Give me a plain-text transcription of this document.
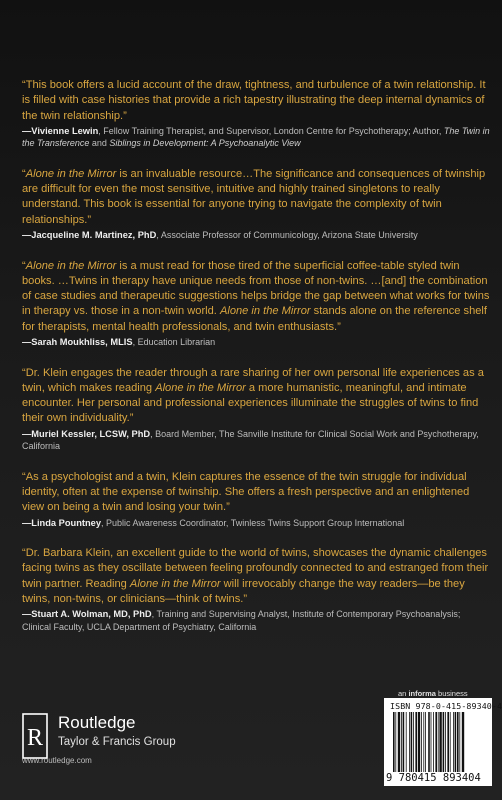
“This book offers a lucid account of the draw, tightness, and turbulence of a twin relationship. It is filled with case histories that provide a rich tapestry illustrating the deep internal dynamics of the twin relationship.”

—Vivienne Lewin, Fellow Training Therapist, and Supervisor, London Centre for Psychotherapy; Author, The Twin in the Transference and Siblings in Development: A Psychoanalytic View

“Alone in the Mirror is an invaluable resource…The significance and consequences of twinship are difficult for even the most sensitive, intuitive and highly trained singletons to really understand. This book is essential for anyone trying to navigate the complexity of twin relationships.”

—Jacqueline M. Martinez, PhD, Associate Professor of Communicology, Arizona State University

“Alone in the Mirror is a must read for those tired of the superficial coffee-table styled twin books. …Twins in therapy have unique needs from those of non-twins. …[and] the combination of case studies and therapeutic suggestions helps bridge the gap between what works for twins in therapy vs. those in a non-twin world. Alone in the Mirror stands alone on the reference shelf for therapists, mental health professionals, and twin enthusiasts.”

—Sarah Moukhliss, MLIS, Education Librarian

“Dr. Klein engages the reader through a rare sharing of her own personal life experiences as a twin, which makes reading Alone in the Mirror a more humanistic, meaningful, and intimate encounter. Her personal and professional experiences illuminate the struggles of twins to find their own individuality.”

—Muriel Kessler, LCSW, PhD, Board Member, The Sanville Institute for Clinical Social Work and Psychotherapy, California

“As a psychologist and a twin, Klein captures the essence of the twin struggle for individual identity, often at the expense of twinship. She offers a fresh perspective and an enlightened view on being a twin and losing your twin.”

—Linda Pountney, Public Awareness Coordinator, Twinless Twins Support Group International

“Dr. Barbara Klein, an excellent guide to the world of twins, showcases the dynamic challenges facing twins as they oscillate between feeling profoundly connected to and estranged from their twin partner. Reading Alone in the Mirror will irrevocably change the way readers—be they twins, non-twins, or clinicians—think of twins.”

—Stuart A. Wolman, MD, PhD, Training and Supervising Analyst, Institute of Contemporary Psychoanalysis; Clinical Faculty, UCLA Department of Psychiatry, California

R
Routledge
Taylor & Francis Group
www.routledge.com
an informa business
ISBN 978-0-415-89340-4
9 780415 893404
